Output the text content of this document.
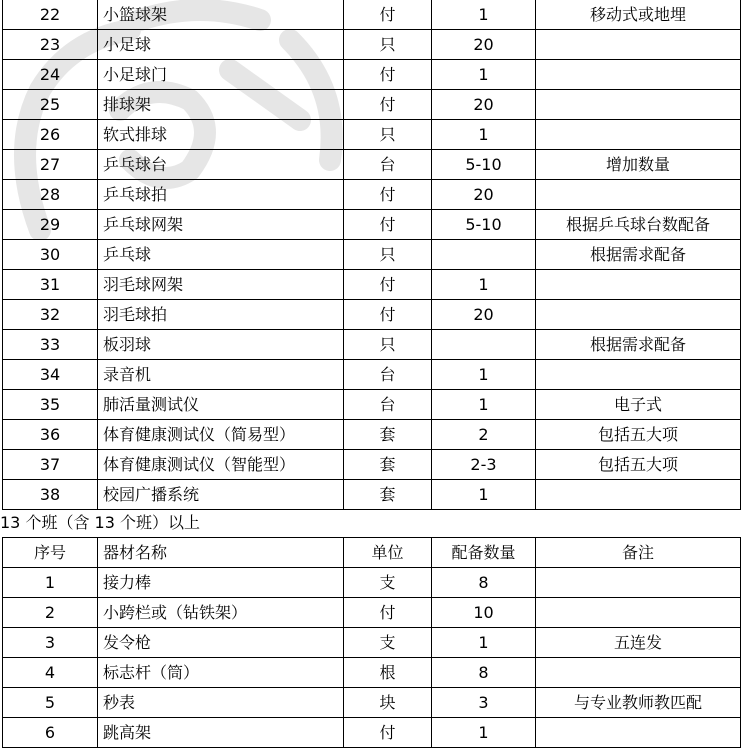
22	小篮球架	付	1	移动式或地埋
23	小足球	只	20	
24	小足球门	付	1	
25	排球架	付	20	
26	软式排球	只	1	
27	乒乓球台	台	5-10	增加数量
28	乒乓球拍	付	20	
29	乒乓球网架	付	5-10	根据乒乓球台数配备
30	乒乓球	只		根据需求配备
31	羽毛球网架	付	1	
32	羽毛球拍	付	20	
33	板羽球	只		根据需求配备
34	录音机	台	1	
35	肺活量测试仪	台	1	电子式
36	体育健康测试仪（简易型）	套	2	包括五大项
37	体育健康测试仪（智能型）	套	2-3	包括五大项
38	校园广播系统	套	1	
13 个班（含 13 个班）以上
序号	器材名称	单位	配备数量	备注
1	接力棒	支	8	
2	小跨栏或（钻铁架）	付	10	
3	发令枪	支	1	五连发
4	标志杆（筒）	根	8	
5	秒表	块	3	与专业教师教匹配
6	跳高架	付	1	
